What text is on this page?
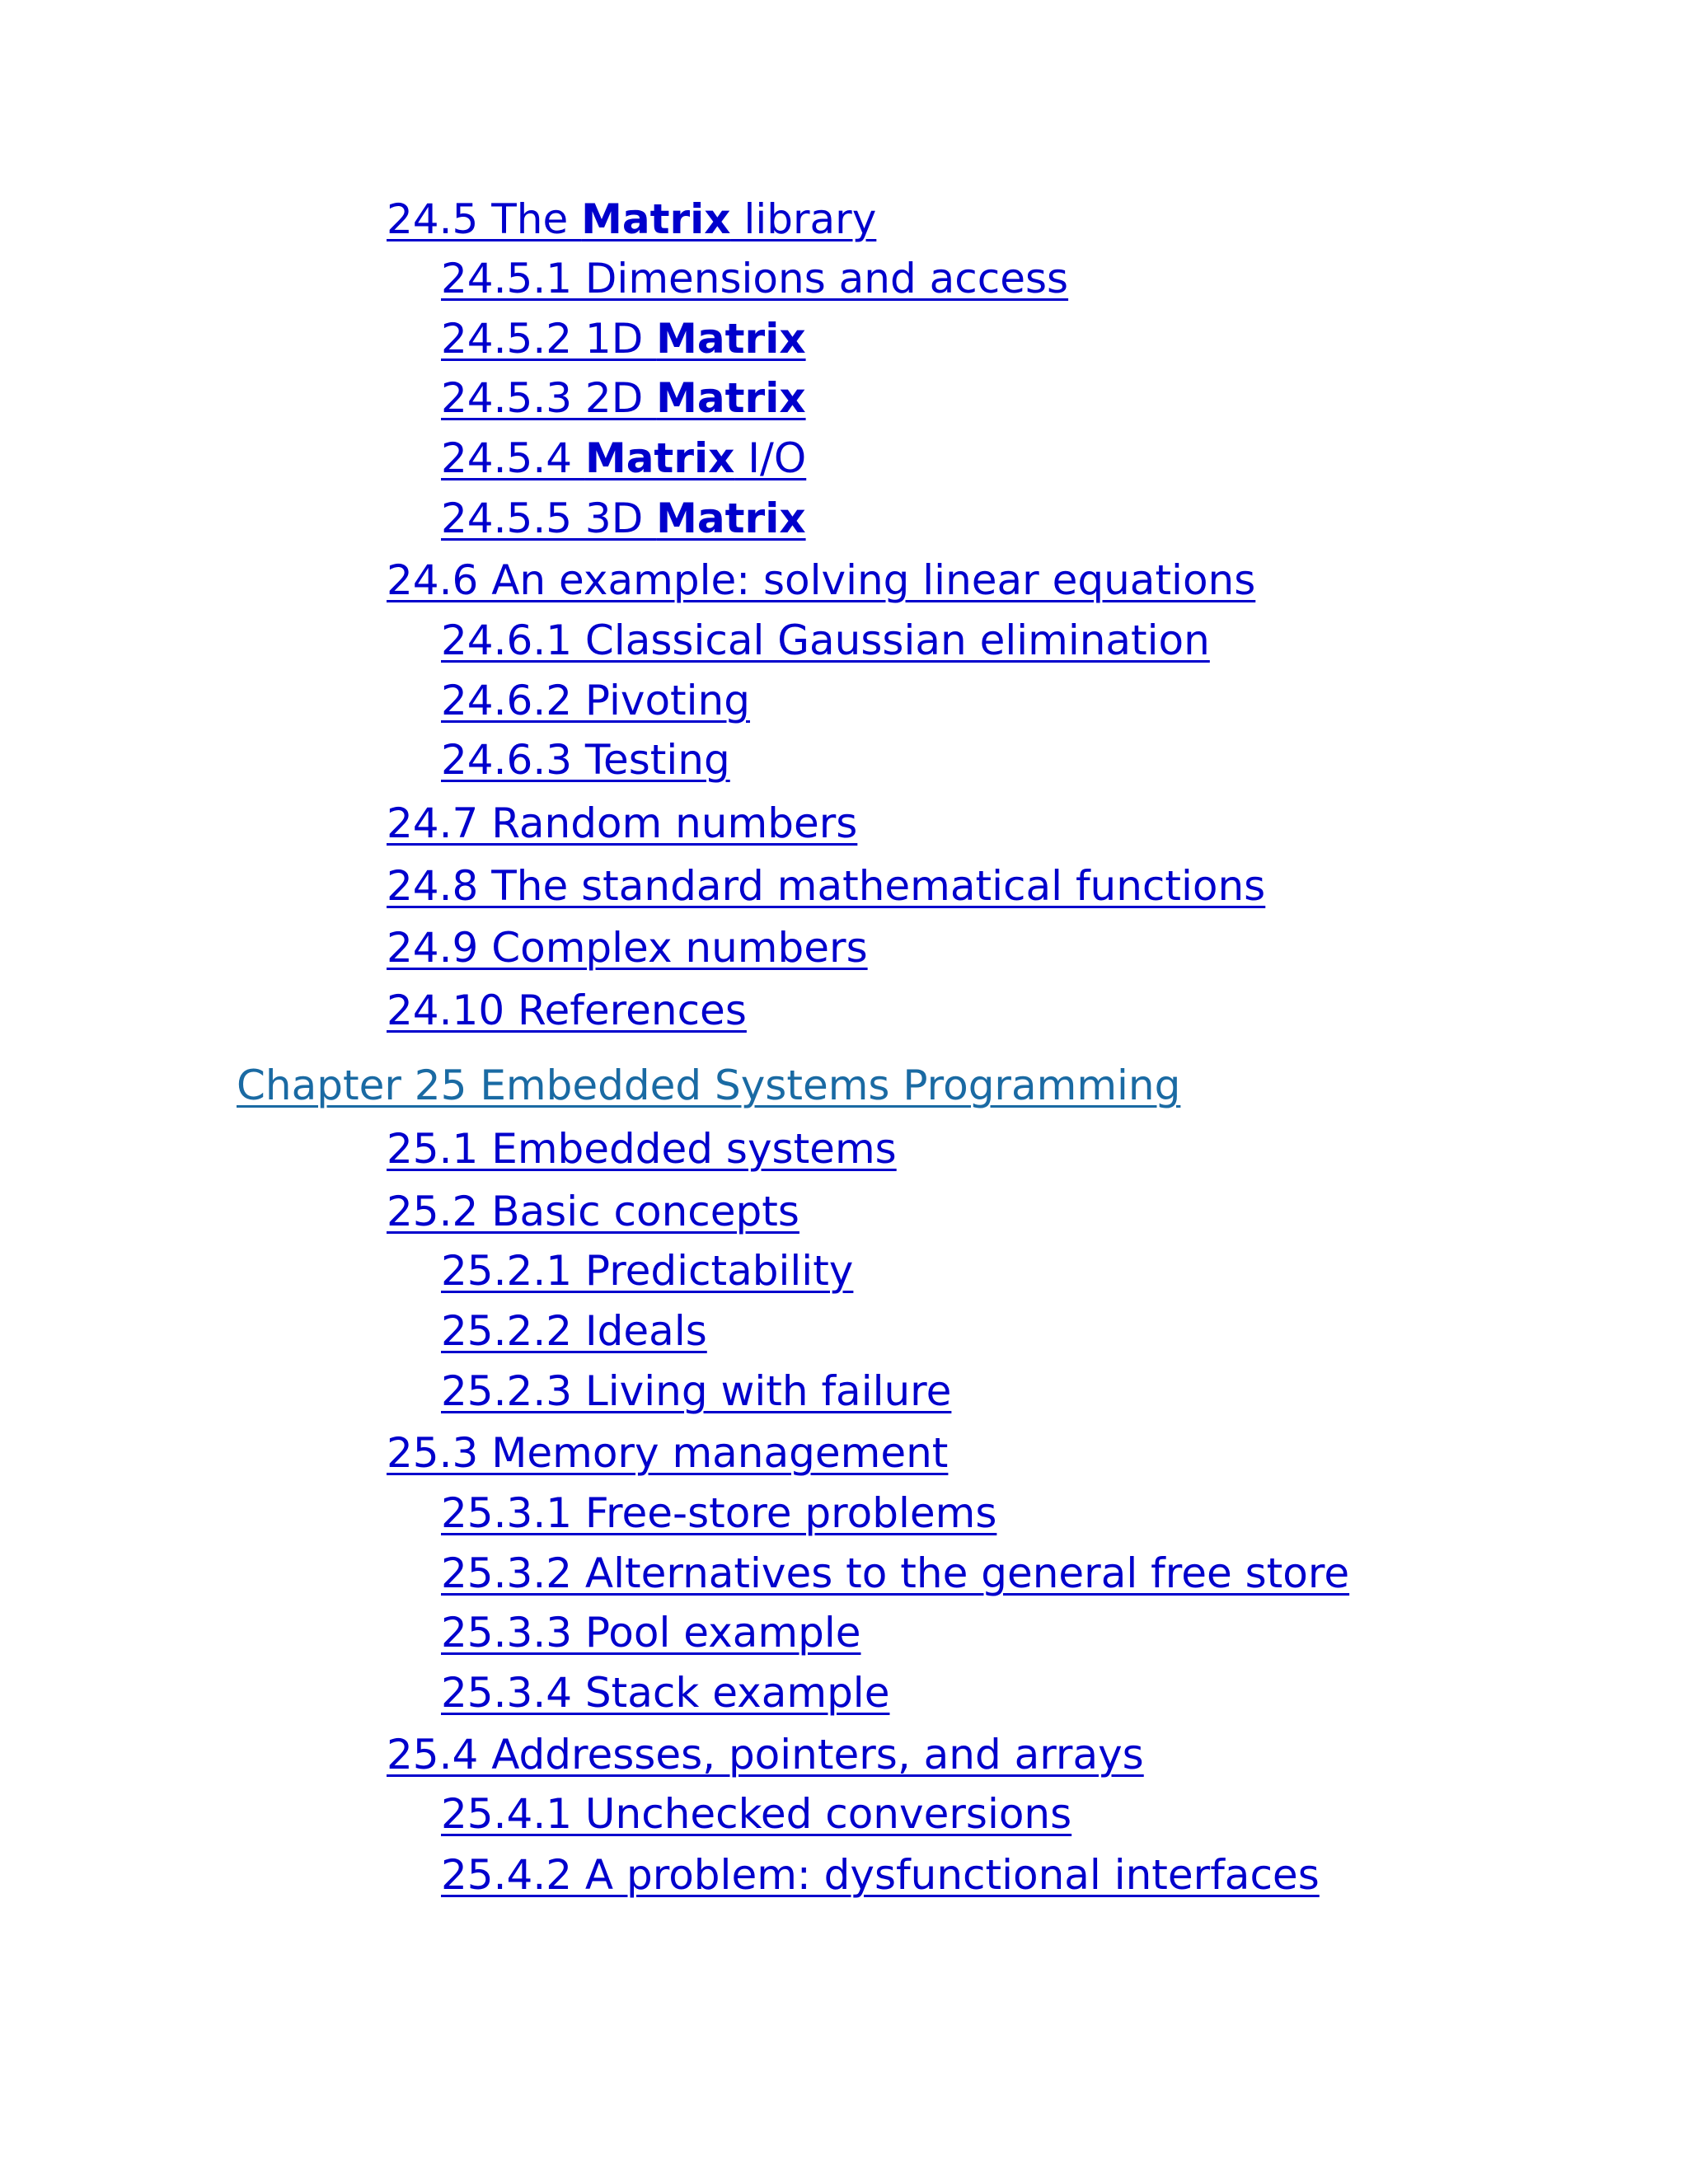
24.5 The Matrix library
24.5.1 Dimensions and access
24.5.2 1D Matrix
24.5.3 2D Matrix
24.5.4 Matrix I/O
24.5.5 3D Matrix
24.6 An example: solving linear equations
24.6.1 Classical Gaussian elimination
24.6.2 Pivoting
24.6.3 Testing
24.7 Random numbers
24.8 The standard mathematical functions
24.9 Complex numbers
24.10 References
Chapter 25 Embedded Systems Programming
25.1 Embedded systems
25.2 Basic concepts
25.2.1 Predictability
25.2.2 Ideals
25.2.3 Living with failure
25.3 Memory management
25.3.1 Free-store problems
25.3.2 Alternatives to the general free store
25.3.3 Pool example
25.3.4 Stack example
25.4 Addresses, pointers, and arrays
25.4.1 Unchecked conversions
25.4.2 A problem: dysfunctional interfaces
